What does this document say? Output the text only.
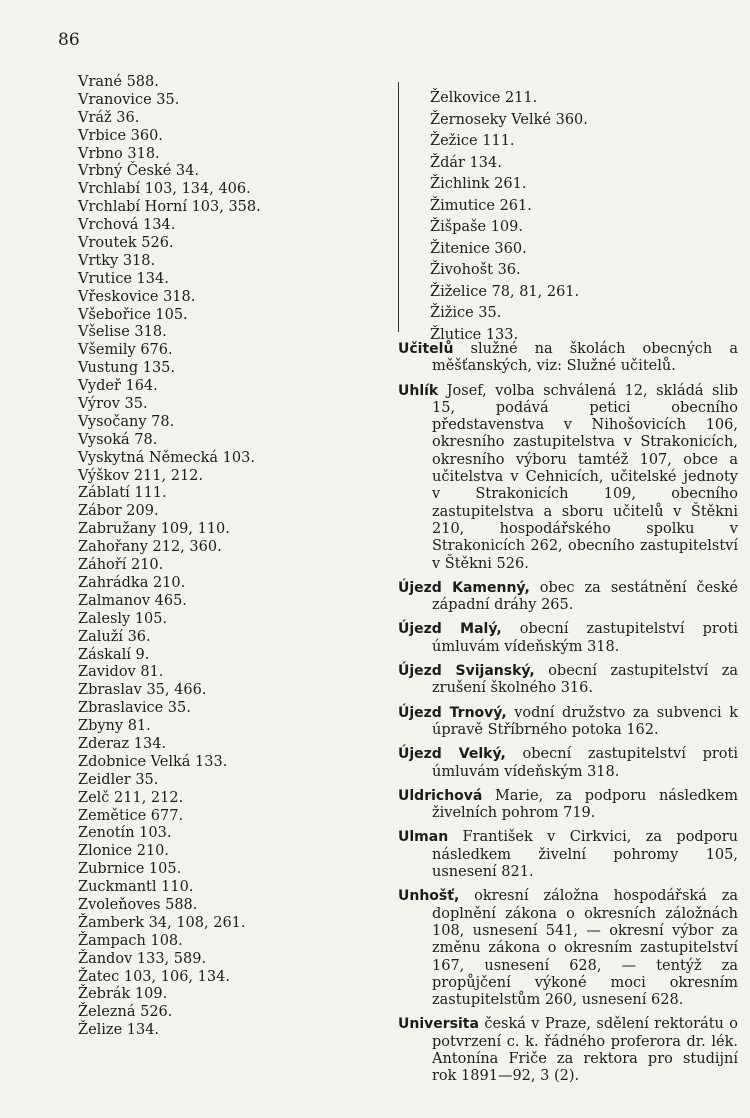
86
Vrané 588.
Vranovice 35.
Vráž 36.
Vrbice 360.
Vrbno 318.
Vrbný České 34.
Vrchlabí 103, 134, 406.
Vrchlabí Horní 103, 358.
Vrchová 134.
Vroutek 526.
Vrtky 318.
Vrutice 134.
Vřeskovice 318.
Všebořice 105.
Všelise 318.
Všemily 676.
Vustung 135.
Vydeř 164.
Výrov 35.
Vysočany 78.
Vysoká 78.
Vyskytná Německá 103.
Výškov 211, 212.
Záblatí 111.
Zábor 209.
Zabružany 109, 110.
Zahořany 212, 360.
Záhoří 210.
Zahrádka 210.
Zalmanov 465.
Zalesly 105.
Zaluží 36.
Záskalí 9.
Zavidov 81.
Zbraslav 35, 466.
Zbraslavice 35.
Zbyny 81.
Zderaz 134.
Zdobnice Velká 133.
Zeidler 35.
Zelč 211, 212.
Zemětice 677.
Zenotín 103.
Zlonice 210.
Zubrnice 105.
Zuckmantl 110.
Zvoleňoves 588.
Žamberk 34, 108, 261.
Žampach 108.
Žandov 133, 589.
Žatec 103, 106, 134.
Žebrák 109.
Železná 526.
Želize 134.
Želkovice 211.
Žernoseky Velké 360.
Žežice 111.
Ždár 134.
Žichlink 261.
Žimutice 261.
Žišpaše 109.
Žitenice 360.
Živohošt 36.
Žiželice 78, 81, 261.
Žižice 35.
Žlutice 133.

Učitelů služné na školách obecných a měšťanských, viz: Služné učitelů.

Uhlík Josef, volba schválená 12, skládá slib 15, podává petici obecního představenstva v Nihošovicích 106, okresního zastupitelstva v Strakonicích, okresního výboru tamtéž 107, obce a učitelstva v Cehnicích, učitelské jednoty v Strakonicích 109, obecního zastupitelstva a sboru učitelů v Štěkni 210, hospodářského spolku v Strakonicích 262, obecního zastupitelství v Štěkni 526.

Újezd Kamenný, obec za sestátnění české západní dráhy 265.

Újezd Malý, obecní zastupitelství proti úmluvám vídeňským 318.

Újezd Svijanský, obecní zastupitelství za zrušení školného 316.

Újezd Trnový, vodní družstvo za subvenci k úpravě Stříbrného potoka 162.

Újezd Velký, obecní zastupitelství proti úmluvám vídeňským 318.

Uldrichová Marie, za podporu následkem živelních pohrom 719.

Ulman František v Cirkvici, za podporu následkem živelní pohromy 105, usnesení 821.

Unhošť, okresní záložna hospodářská za doplnění zákona o okresních záložnách 108, usnesení 541, — okresní výbor za změnu zákona o okresním zastupitelství 167, usnesení 628, — tentýž za propůjčení výkoné moci okresním zastupitelstům 260, usnesení 628.

Universita česká v Praze, sdělení rektorátu o potvrzení c. k. řádného proferora dr. lék. Antonína Friče za rektora pro studijní rok 1891—92, 3 (2).
